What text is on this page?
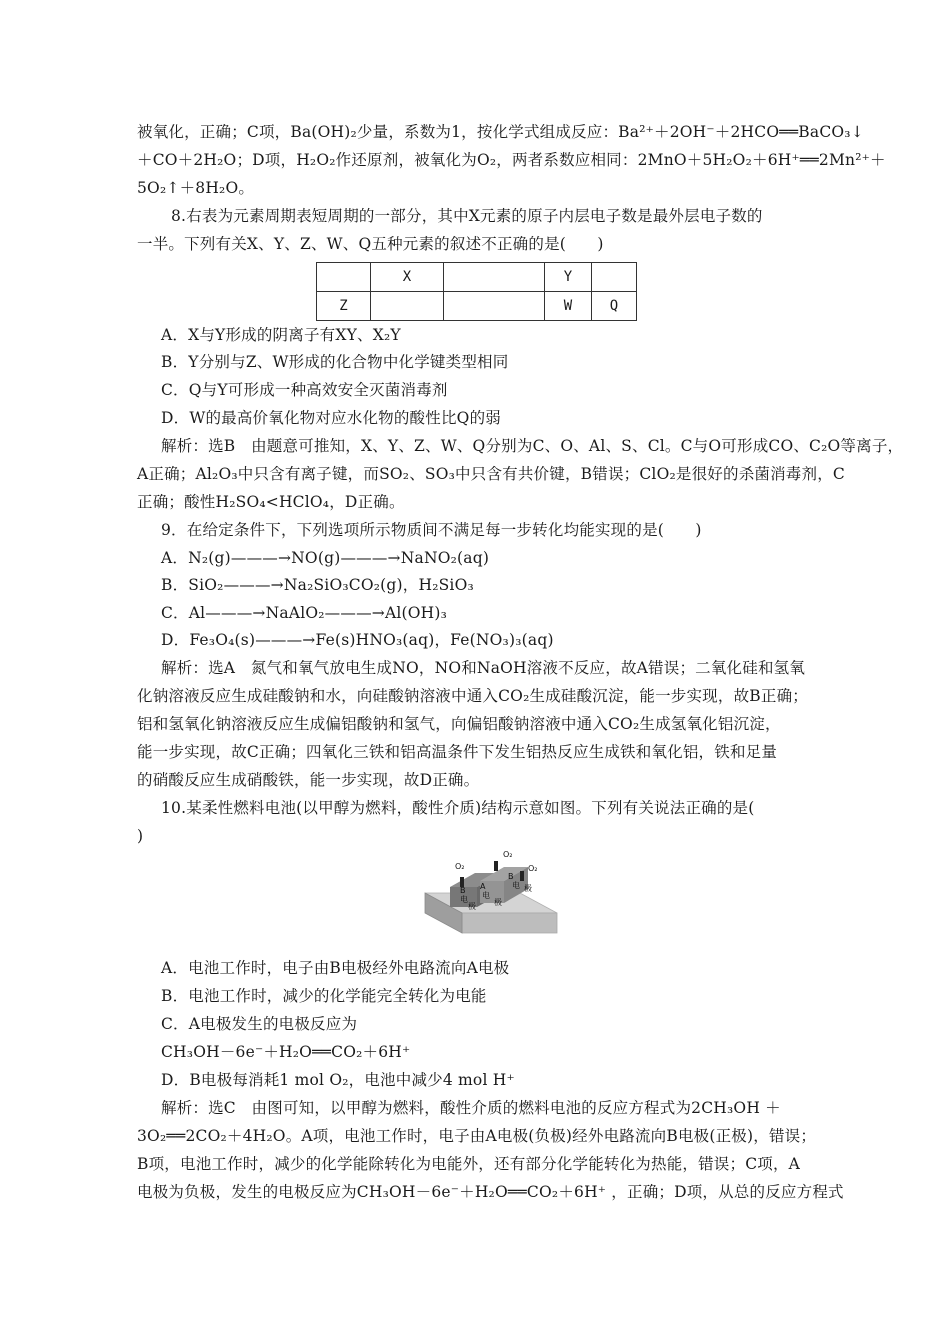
被氧化，正确；C项，Ba(OH)₂少量，系数为1，按化学式组成反应：Ba²⁺＋2OH⁻＋2HCO══BaCO₃↓
＋CO＋2H₂O；D项，H₂O₂作还原剂，被氧化为O₂，两者系数应相同：2MnO＋5H₂O₂＋6H⁺══2Mn²⁺＋
5O₂↑＋8H₂O。
8.右表为元素周期表短周期的一部分，其中X元素的原子内层电子数是最外层电子数的
一半。下列有关X、Y、Z、W、Q五种元素的叙述不正确的是(　　)
	X		Y	
Z			W	Q
A．X与Y形成的阴离子有XY、X₂Y
B．Y分别与Z、W形成的化合物中化学键类型相同
C．Q与Y可形成一种高效安全灭菌消毒剂
D．W的最高价氧化物对应水化物的酸性比Q的弱
解析：选B　由题意可推知，X、Y、Z、W、Q分别为C、O、Al、S、Cl。C与O可形成CO、C₂O等离子，
A正确；Al₂O₃中只含有离子键，而SO₂、SO₃中只含有共价键，B错误；ClO₂是很好的杀菌消毒剂，C
正确；酸性H₂SO₄<HClO₄，D正确。
9．在给定条件下，下列选项所示物质间不满足每一步转化均能实现的是(　　)
A．N₂(g)———→NO(g)———→NaNO₂(aq)
B．SiO₂———→Na₂SiO₃CO₂(g)，H₂SiO₃
C．Al———→NaAlO₂———→Al(OH)₃
D．Fe₃O₄(s)———→Fe(s)HNO₃(aq)，Fe(NO₃)₃(aq)
解析：选A　氮气和氧气放电生成NO，NO和NaOH溶液不反应，故A错误；二氧化硅和氢氧
化钠溶液反应生成硅酸钠和水，向硅酸钠溶液中通入CO₂生成硅酸沉淀，能一步实现，故B正确；
铝和氢氧化钠溶液反应生成偏铝酸钠和氢气，向偏铝酸钠溶液中通入CO₂生成氢氧化铝沉淀，
能一步实现，故C正确；四氧化三铁和铝高温条件下发生铝热反应生成铁和氧化铝，铁和足量
的硝酸反应生成硝酸铁，能一步实现，故D正确。
10.某柔性燃料电池(以甲醇为燃料，酸性介质)结构示意如图。下列有关说法正确的是(
)
O₂
O₂
O₂
B A
B
电 电
电
极 极
极
A．电池工作时，电子由B电极经外电路流向A电极
B．电池工作时，减少的化学能完全转化为电能
C．A电极发生的电极反应为
CH₃OH－6e⁻＋H₂O══CO₂＋6H⁺
D．B电极每消耗1 mol O₂，电池中减少4 mol H⁺
解析：选C　由图可知，以甲醇为燃料，酸性介质的燃料电池的反应方程式为2CH₃OH ＋
3O₂══2CO₂＋4H₂O。A项，电池工作时，电子由A电极(负极)经外电路流向B电极(正极)，错误；
B项，电池工作时，减少的化学能除转化为电能外，还有部分化学能转化为热能，错误；C项，A
电极为负极，发生的电极反应为CH₃OH－6e⁻＋H₂O══CO₂＋6H⁺ ，正确；D项，从总的反应方程式
